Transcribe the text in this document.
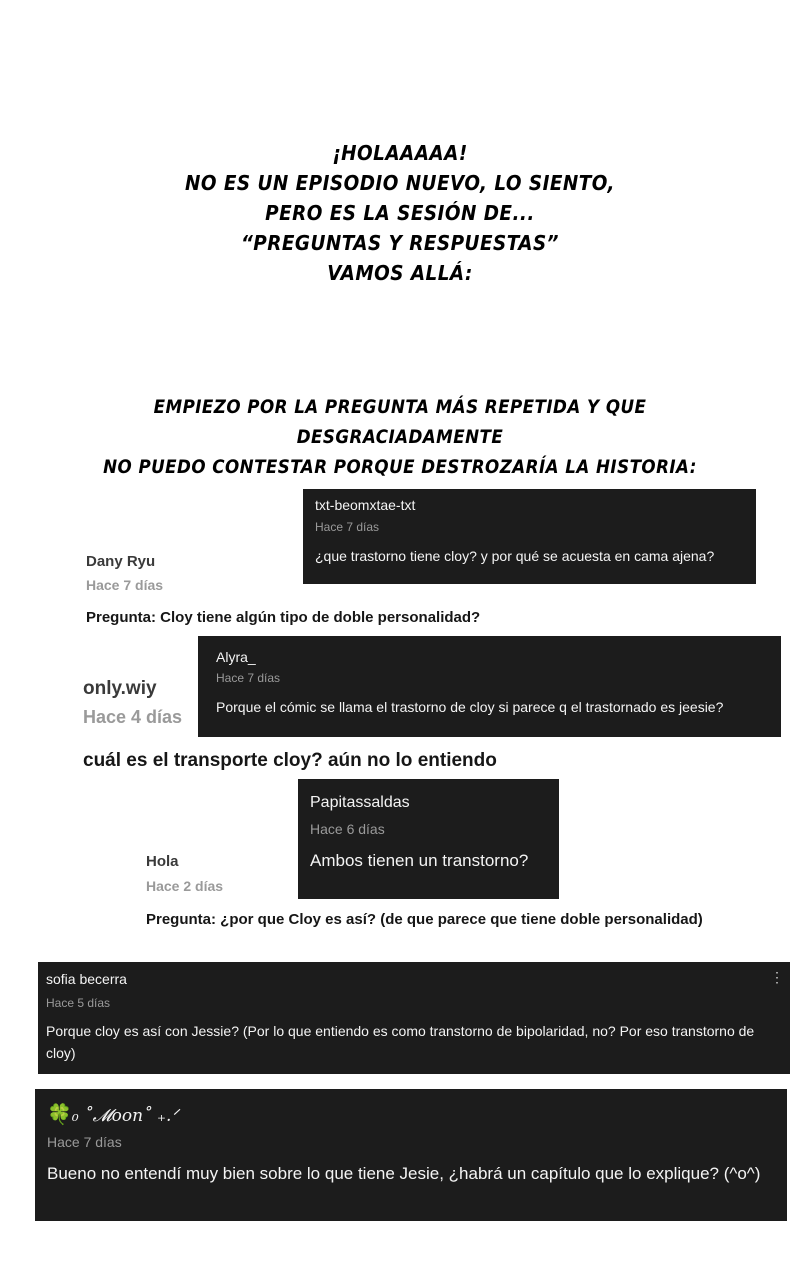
¡HOLAAAAA!
NO ES UN EPISODIO NUEVO, LO SIENTO,
PERO ES LA SESIÓN DE...
“PREGUNTAS Y RESPUESTAS”
VAMOS ALLÁ:
EMPIEZO POR LA PREGUNTA MÁS REPETIDA Y QUE DESGRACIADAMENTE
NO PUEDO CONTESTAR PORQUE DESTROZARÍA LA HISTORIA:
txt-beomxtae-txt
Hace 7 días
¿que trastorno tiene cloy? y por qué se acuesta en cama ajena?
Dany Ryu
Hace 7 días
Pregunta: Cloy tiene algún tipo de doble personalidad?
Alyra_
Hace 7 días
Porque el cómic se llama el trastorno de cloy si parece q el trastornado es jeesie?
only.wiy
Hace 4 días
cuál es el transporte cloy? aún no lo entiendo
Papitassaldas
Hace 6 días
Ambos tienen un transtorno?
Hola
Hace 2 días
Pregunta: ¿por que Cloy es así? (de que parece que tiene doble personalidad)
⋮
sofia becerra
Hace 5 días
Porque cloy es así con Jessie? (Por lo que entiendo es como transtorno de bipolaridad, no? Por eso transtorno de cloy)
🍀₀ ˚𝓜oon˚ ₊.ᐟ
Hace 7 días
Bueno no entendí muy bien sobre lo que tiene Jesie, ¿habrá un capítulo que lo explique? (^o^)
